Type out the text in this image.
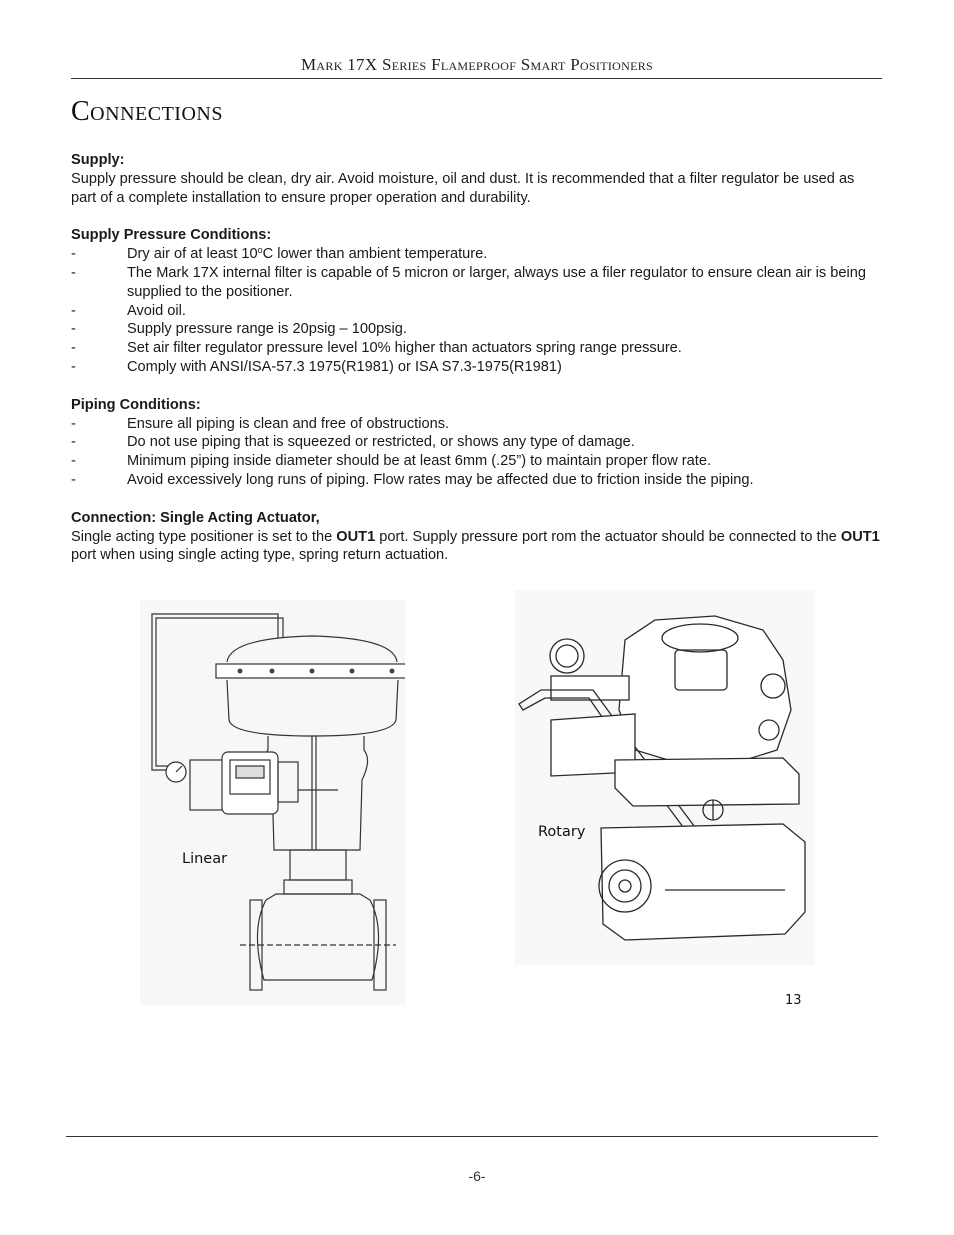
Mark 17X Series Flameproof Smart Positioners
Connections

Supply:

Supply pressure should be clean, dry air. Avoid moisture, oil and dust. It is recommended that a filter regulator be used as part of a complete installation to ensure proper operation and durability.

Supply Pressure Conditions:

-	Dry air of at least 10$^o$C lower than ambient temperature.
-	The Mark 17X internal filter is capable of 5 micron or larger, always use a filer regulator to ensure clean air is being supplied to the positioner.
-	Avoid oil.
-	Supply pressure range is 20psig – 100psig.
-	Set air filter regulator pressure level 10% higher than actuators spring range pressure.
-	Comply with ANSI/ISA-57.3 1975(R1981) or ISA S7.3-1975(R1981)

Piping Conditions:

-	Ensure all piping is clean and free of obstructions.
-	Do not use piping that is squeezed or restricted, or shows any type of damage.
-	Minimum piping inside diameter should be at least 6mm (.25”) to maintain proper flow rate.
-	Avoid excessively long runs of piping. Flow rates may be affected due to friction inside the piping.

Connection: Single Acting Actuator,

Single acting type positioner is set to the OUT1 port. Supply pressure port rom the actuator should be connected to the OUT1 port when using single acting type, spring return actuation.

Linear
Rotary
13
-6-
